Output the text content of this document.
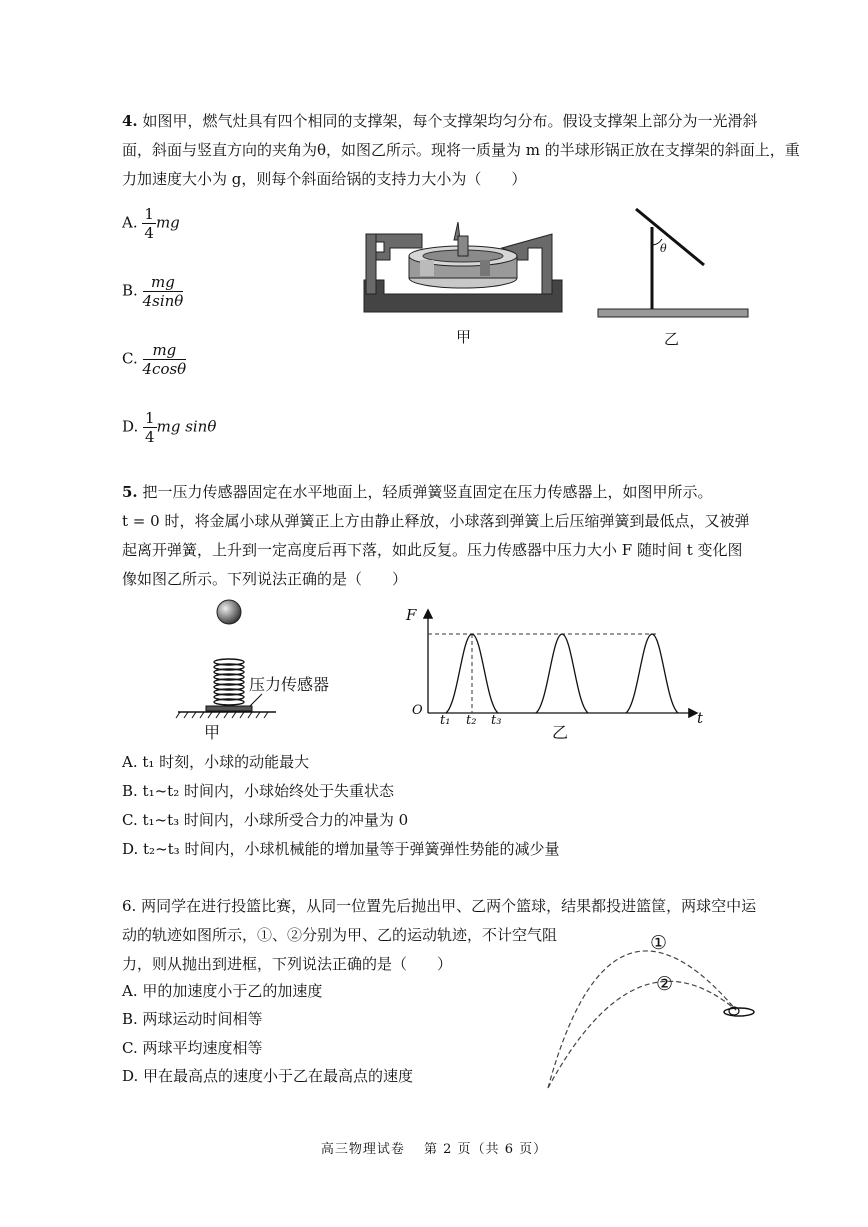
4. 如图甲，燃气灶具有四个相同的支撑架，每个支撑架均匀分布。假设支撑架上部分为一光滑斜
面，斜面与竖直方向的夹角为θ，如图乙所示。现将一质量为 m 的半球形锅正放在支撑架的斜面上，重
力加速度大小为 g，则每个斜面给锅的支持力大小为（　　）
A. $\frac{1}{4}$ mg
B. $\frac{mg}{4\sin\theta}$
C. $\frac{mg}{4\cos\theta}$
D. $\frac{1}{4}$ mg sinθ
甲
θ
乙
5. 把一压力传感器固定在水平地面上，轻质弹簧竖直固定在压力传感器上，如图甲所示。
t = 0 时，将金属小球从弹簧正上方由静止释放，小球落到弹簧上后压缩弹簧到最低点，又被弹
起离开弹簧，上升到一定高度后再下落，如此反复。压力传感器中压力大小 F 随时间 t 变化图
像如图乙所示。下列说法正确的是（　　）
压力传感器
甲
F
O	t
t₁ t₂ t₃
乙
A. t₁ 时刻，小球的动能最大
B. t₁~t₂ 时间内，小球始终处于失重状态
C. t₁~t₃ 时间内，小球所受合力的冲量为 0
D. t₂~t₃ 时间内，小球机械能的增加量等于弹簧弹性势能的减少量
6. 两同学在进行投篮比赛，从同一位置先后抛出甲、乙两个篮球，结果都投进篮筐，两球空中运
动的轨迹如图所示，①、②分别为甲、乙的运动轨迹，不计空气阻
力，则从抛出到进框，下列说法正确的是（　　）
A. 甲的加速度小于乙的加速度
B. 两球运动时间相等
C. 两球平均速度相等
D. 甲在最高点的速度小于乙在最高点的速度
①
②
高三物理试卷　 第 2 页（共 6 页）
